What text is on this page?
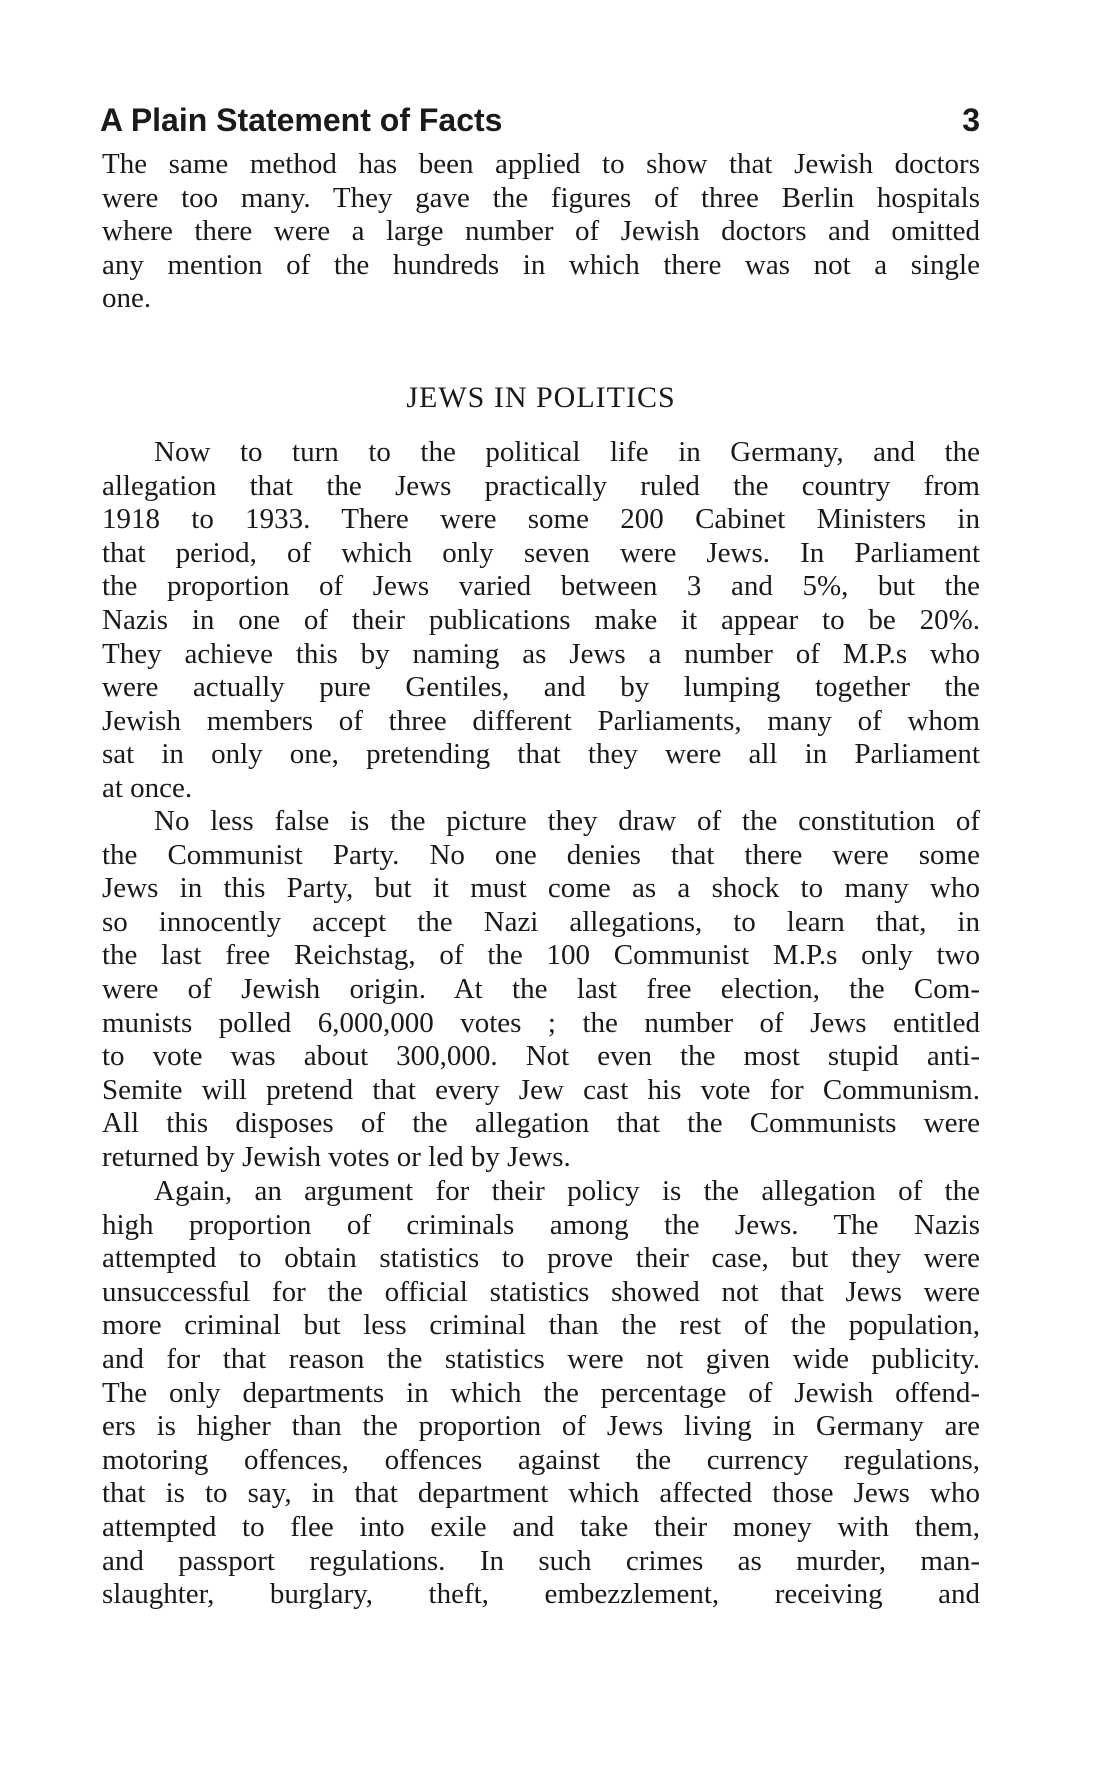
A Plain Statement of Facts	3
The same method has been applied to show that Jewish doctors
were too many. They gave the figures of three Berlin hospitals
where there were a large number of Jewish doctors and omitted
any mention of the hundreds in which there was not a single
one.
JEWS IN POLITICS
Now to turn to the political life in Germany, and the
allegation that the Jews practically ruled the country from
1918 to 1933. There were some 200 Cabinet Ministers in
that period, of which only seven were Jews. In Parliament
the proportion of Jews varied between 3 and 5%, but the
Nazis in one of their publications make it appear to be 20%.
They achieve this by naming as Jews a number of M.P.s who
were actually pure Gentiles, and by lumping together the
Jewish members of three different Parliaments, many of whom
sat in only one, pretending that they were all in Parliament
at once.
No less false is the picture they draw of the constitution of
the Communist Party. No one denies that there were some
Jews in this Party, but it must come as a shock to many who
so innocently accept the Nazi allegations, to learn that, in
the last free Reichstag, of the 100 Communist M.P.s only two
were of Jewish origin. At the last free election, the Com-
munists polled 6,000,000 votes ; the number of Jews entitled
to vote was about 300,000. Not even the most stupid anti-
Semite will pretend that every Jew cast his vote for Communism.
All this disposes of the allegation that the Communists were
returned by Jewish votes or led by Jews.
Again, an argument for their policy is the allegation of the
high proportion of criminals among the Jews. The Nazis
attempted to obtain statistics to prove their case, but they were
unsuccessful for the official statistics showed not that Jews were
more criminal but less criminal than the rest of the population,
and for that reason the statistics were not given wide publicity.
The only departments in which the percentage of Jewish offend-
ers is higher than the proportion of Jews living in Germany are
motoring offences, offences against the currency regulations,
that is to say, in that department which affected those Jews who
attempted to flee into exile and take their money with them,
and passport regulations. In such crimes as murder, man-
slaughter, burglary, theft, embezzlement, receiving and
